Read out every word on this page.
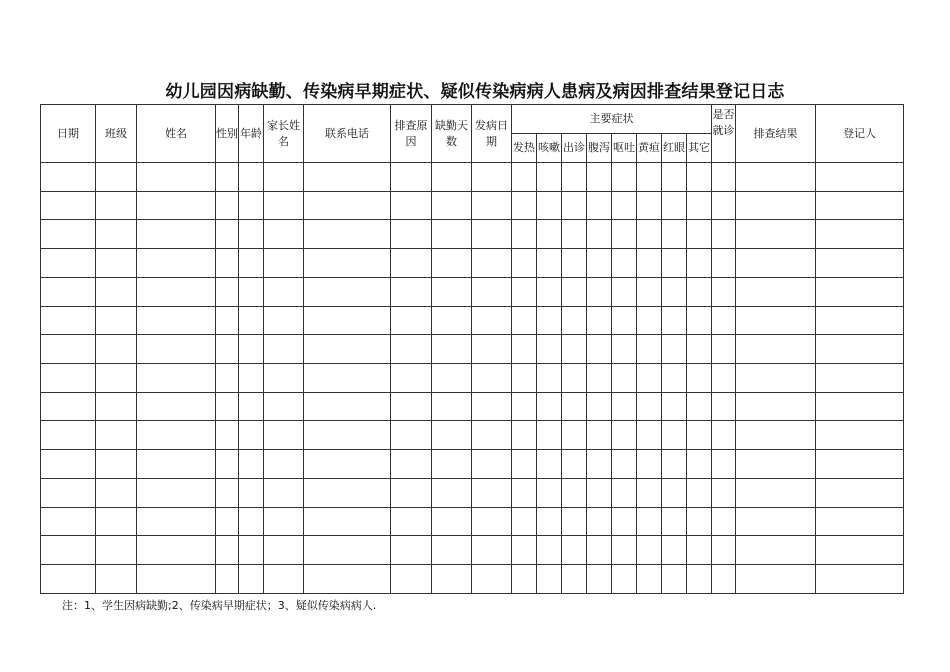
幼儿园因病缺勤、传染病早期症状、疑似传染病病人患病及病因排查结果登记日志
日期	班级	姓名	性别	年龄	家长姓名	联系电话	排查原因	缺勤天数	发病日期	主要症状								是否就诊	排查结果	登记人
										发热	咳嗽	出诊	腹泻	呕吐	黄疸	红眼	其它			

注：1、学生因病缺勤;2、传染病早期症状；3、疑似传染病病人.
